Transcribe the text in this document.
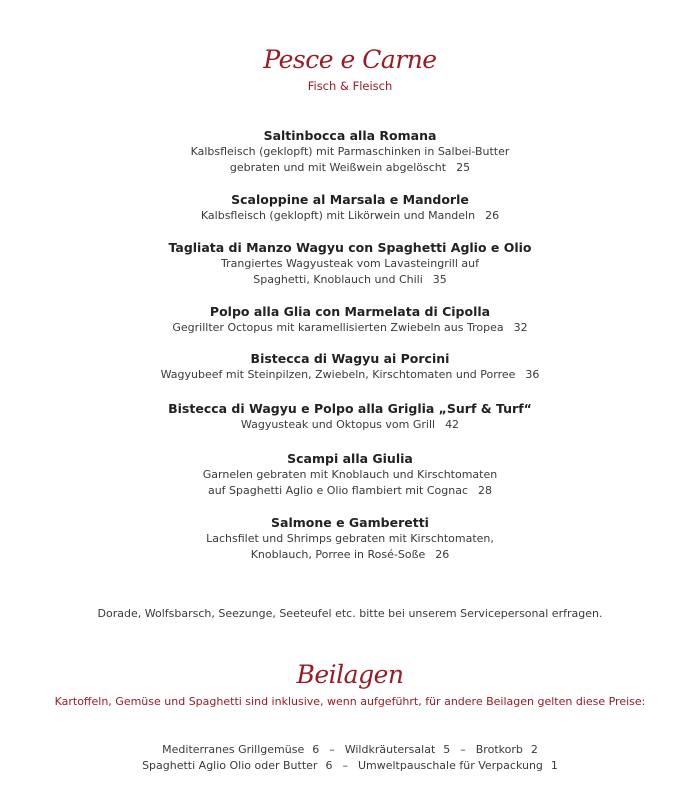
Pesce e Carne
Fisch & Fleisch
Saltinbocca alla Romana
Kalbsfleisch (geklopft) mit Parmaschinken in Salbei-Butter
gebraten und mit Weißwein abgelöscht 25
Scaloppine al Marsala e Mandorle
Kalbsfleisch (geklopft) mit Likörwein und Mandeln 26
Tagliata di Manzo Wagyu con Spaghetti Aglio e Olio
Trangiertes Wagyusteak vom Lavasteingrill auf
Spaghetti, Knoblauch und Chili 35
Polpo alla Glia con Marmelata di Cipolla
Gegrillter Octopus mit karamellisierten Zwiebeln aus Tropea 32
Bistecca di Wagyu ai Porcini
Wagyubeef mit Steinpilzen, Zwiebeln, Kirschtomaten und Porree 36
Bistecca di Wagyu e Polpo alla Griglia „Surf & Turf“
Wagyusteak und Oktopus vom Grill 42
Scampi alla Giulia
Garnelen gebraten mit Knoblauch und Kirschtomaten
auf Spaghetti Aglio e Olio flambiert mit Cognac 28
Salmone e Gamberetti
Lachsfilet und Shrimps gebraten mit Kirschtomaten,
Knoblauch, Porree in Rosé-Soße 26
Dorade, Wolfsbarsch, Seezunge, Seeteufel etc. bitte bei unserem Servicepersonal erfragen.
Beilagen
Kartoffeln, Gemüse und Spaghetti sind inklusive, wenn aufgeführt, für andere Beilagen gelten diese Preise:
Mediterranes Grillgemüse 6 – Wildkräutersalat 5 – Brotkorb 2
Spaghetti Aglio Olio oder Butter 6 – Umweltpauschale für Verpackung 1
